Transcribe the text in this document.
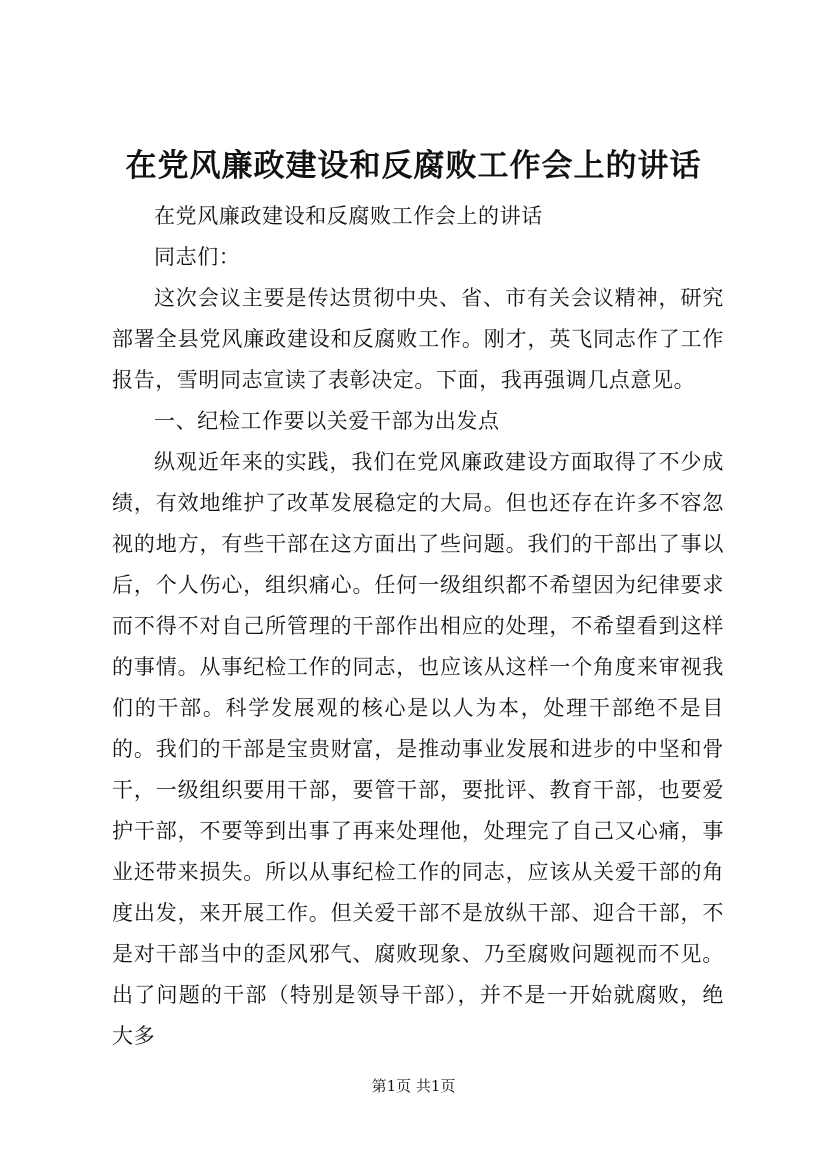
在党风廉政建设和反腐败工作会上的讲话

在党风廉政建设和反腐败工作会上的讲话

同志们：

这次会议主要是传达贯彻中央、省、市有关会议精神，研究部署全县党风廉政建设和反腐败工作。刚才，英飞同志作了工作报告，雪明同志宣读了表彰决定。下面，我再强调几点意见。

一、纪检工作要以关爱干部为出发点

纵观近年来的实践，我们在党风廉政建设方面取得了不少成绩，有效地维护了改革发展稳定的大局。但也还存在许多不容忽视的地方，有些干部在这方面出了些问题。我们的干部出了事以后，个人伤心，组织痛心。任何一级组织都不希望因为纪律要求而不得不对自己所管理的干部作出相应的处理，不希望看到这样的事情。从事纪检工作的同志，也应该从这样一个角度来审视我们的干部。科学发展观的核心是以人为本，处理干部绝不是目的。我们的干部是宝贵财富，是推动事业发展和进步的中坚和骨干，一级组织要用干部，要管干部，要批评、教育干部，也要爱护干部，不要等到出事了再来处理他，处理完了自己又心痛，事业还带来损失。所以从事纪检工作的同志，应该从关爱干部的角度出发，来开展工作。但关爱干部不是放纵干部、迎合干部，不是对干部当中的歪风邪气、腐败现象、乃至腐败问题视而不见。出了问题的干部（特别是领导干部），并不是一开始就腐败，绝大多

第1页 共1页
